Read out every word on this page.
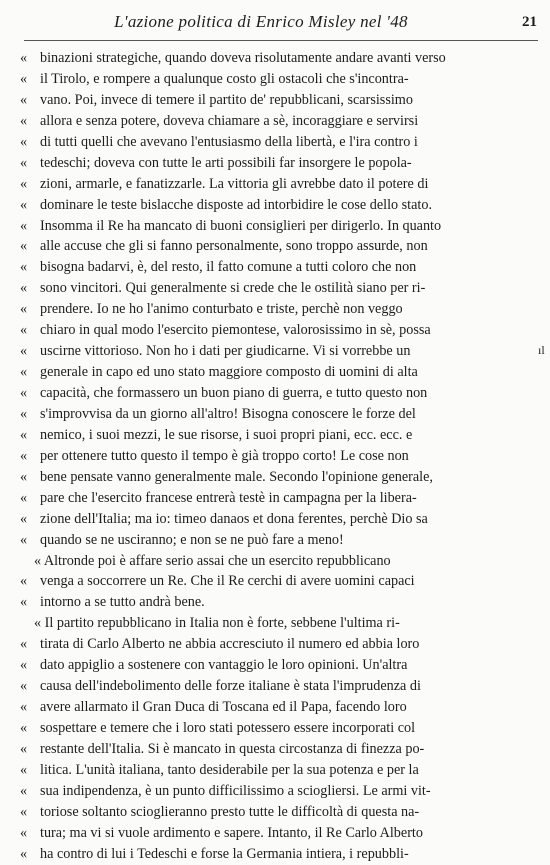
L'azione politica di Enrico Misley nel '48	21
ıl
« binazioni strategiche, quando doveva risolutamente andare avanti verso
« il Tirolo, e rompere a qualunque costo gli ostacoli che s'incontra-
« vano. Poi, invece di temere il partito de' repubblicani, scarsissimo
« allora e senza potere, doveva chiamare a sè, incoraggiare e servirsi
« di tutti quelli che avevano l'entusiasmo della libertà, e l'ira contro i
« tedeschi; doveva con tutte le arti possibili far insorgere le popola-
« zioni, armarle, e fanatizzarle. La vittoria gli avrebbe dato il potere di
« dominare le teste bislacche disposte ad intorbidire le cose dello stato.
« Insomma il Re ha mancato di buoni consiglieri per dirigerlo. In quanto
« alle accuse che gli si fanno personalmente, sono troppo assurde, non
« bisogna badarvi, è, del resto, il fatto comune a tutti coloro che non
« sono vincitori. Qui generalmente si crede che le ostilità siano per ri-
« prendere. Io ne ho l'animo conturbato e triste, perchè non veggo
« chiaro in qual modo l'esercito piemontese, valorosissimo in sè, possa
« uscirne vittorioso. Non ho i dati per giudicarne. Vi si vorrebbe un
« generale in capo ed uno stato maggiore composto di uomini di alta
« capacità, che formassero un buon piano di guerra, e tutto questo non
« s'improvvisa da un giorno all'altro! Bisogna conoscere le forze del
« nemico, i suoi mezzi, le sue risorse, i suoi propri piani, ecc. ecc. e
« per ottenere tutto questo il tempo è già troppo corto! Le cose non
« bene pensate vanno generalmente male. Secondo l'opinione generale,
« pare che l'esercito francese entrerà testè in campagna per la libera-
« zione dell'Italia; ma io: timeo danaos et dona ferentes, perchè Dio sa
« quando se ne usciranno; e non se ne può fare a meno!
« Altronde poi è affare serio assai che un esercito repubblicano
« venga a soccorrere un Re. Che il Re cerchi di avere uomini capaci
« intorno a se tutto andrà bene.
« Il partito repubblicano in Italia non è forte, sebbene l'ultima ri-
« tirata di Carlo Alberto ne abbia accresciuto il numero ed abbia loro
« dato appiglio a sostenere con vantaggio le loro opinioni. Un'altra
« causa dell'indebolimento delle forze italiane è stata l'imprudenza di
« avere allarmato il Gran Duca di Toscana ed il Papa, facendo loro
« sospettare e temere che i loro stati potessero essere incorporati col
« restante dell'Italia. Si è mancato in questa circostanza di finezza po-
« litica. L'unità italiana, tanto desiderabile per la sua potenza e per la
« sua indipendenza, è un punto difficilissimo a sciogliersi. Le armi vit-
« toriose soltanto scioglieranno presto tutte le difficoltà di questa na-
« tura; ma vi si vuole ardimento e sapere. Intanto, il Re Carlo Alberto
« ha contro di lui i Tedeschi e forse la Germania intiera, i repubbli-
